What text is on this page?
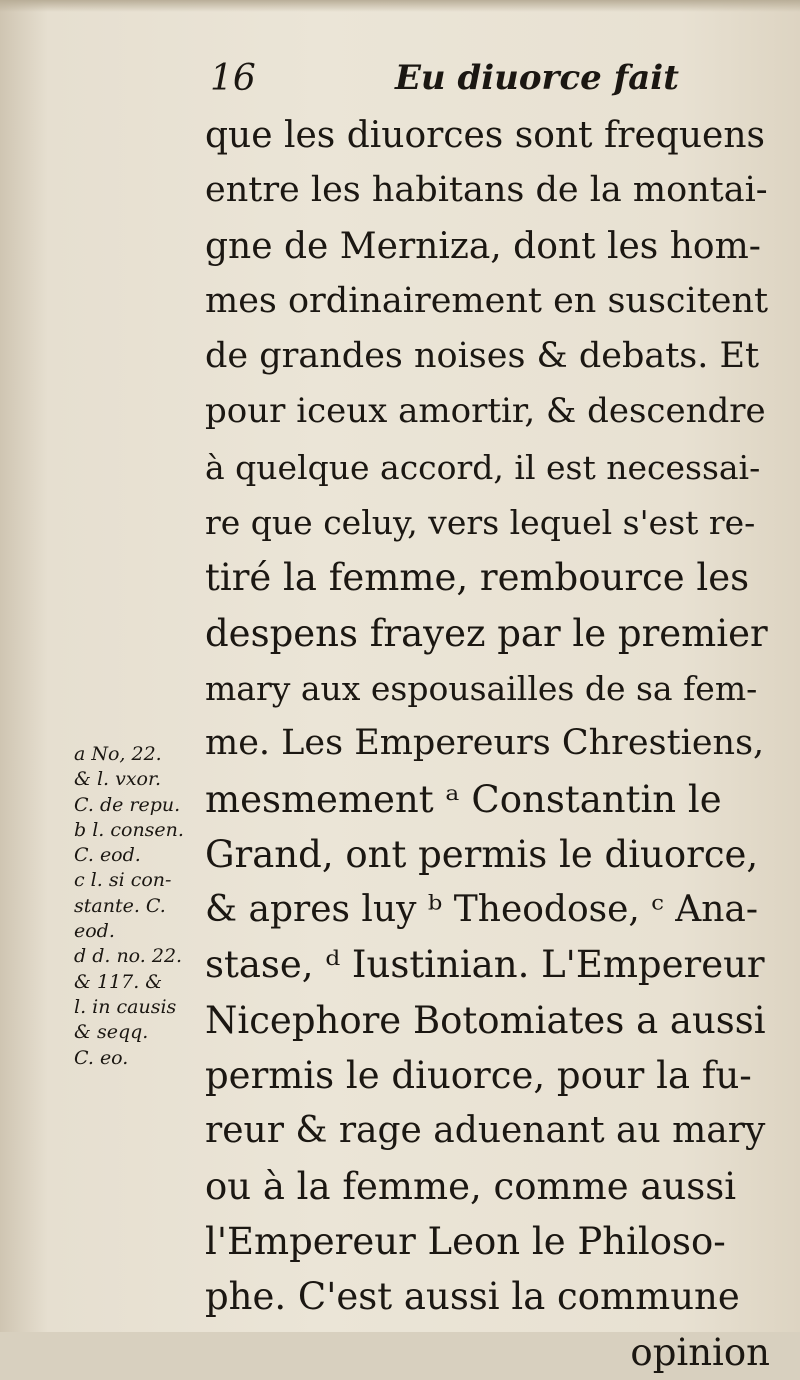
16	Eu diuorce fait
que les diuorces sont frequens
entre les habitans de la montai-
gne de Merniza, dont les hom-
mes ordinairement en suscitent
de grandes noises & debats. Et
pour iceux amortir, & descendre
à quelque accord, il est necessai-
re que celuy, vers lequel s'est re-
tiré la femme, rembource les
despens frayez par le premier
mary aux espousailles de sa fem-
me. Les Empereurs Chrestiens,
mesmement ᵃ Constantin le
Grand, ont permis le diuorce,
& apres luy ᵇ Theodose, ᶜ Ana-
stase, ᵈ Iustinian. L'Empereur
Nicephore Botomiates a aussi
permis le diuorce, pour la fu-
reur & rage aduenant au mary
ou à la femme, comme aussi
l'Empereur Leon le Philoso-
phe. C'est aussi la commune
opinion
a No, 22.
& l. vxor.
C. de repu.
b l. consen.
C. eod.
c l. si con-
stante. C.
eod.
d d. no. 22.
& 117. &
l. in causis
& seqq.
C. eo.
